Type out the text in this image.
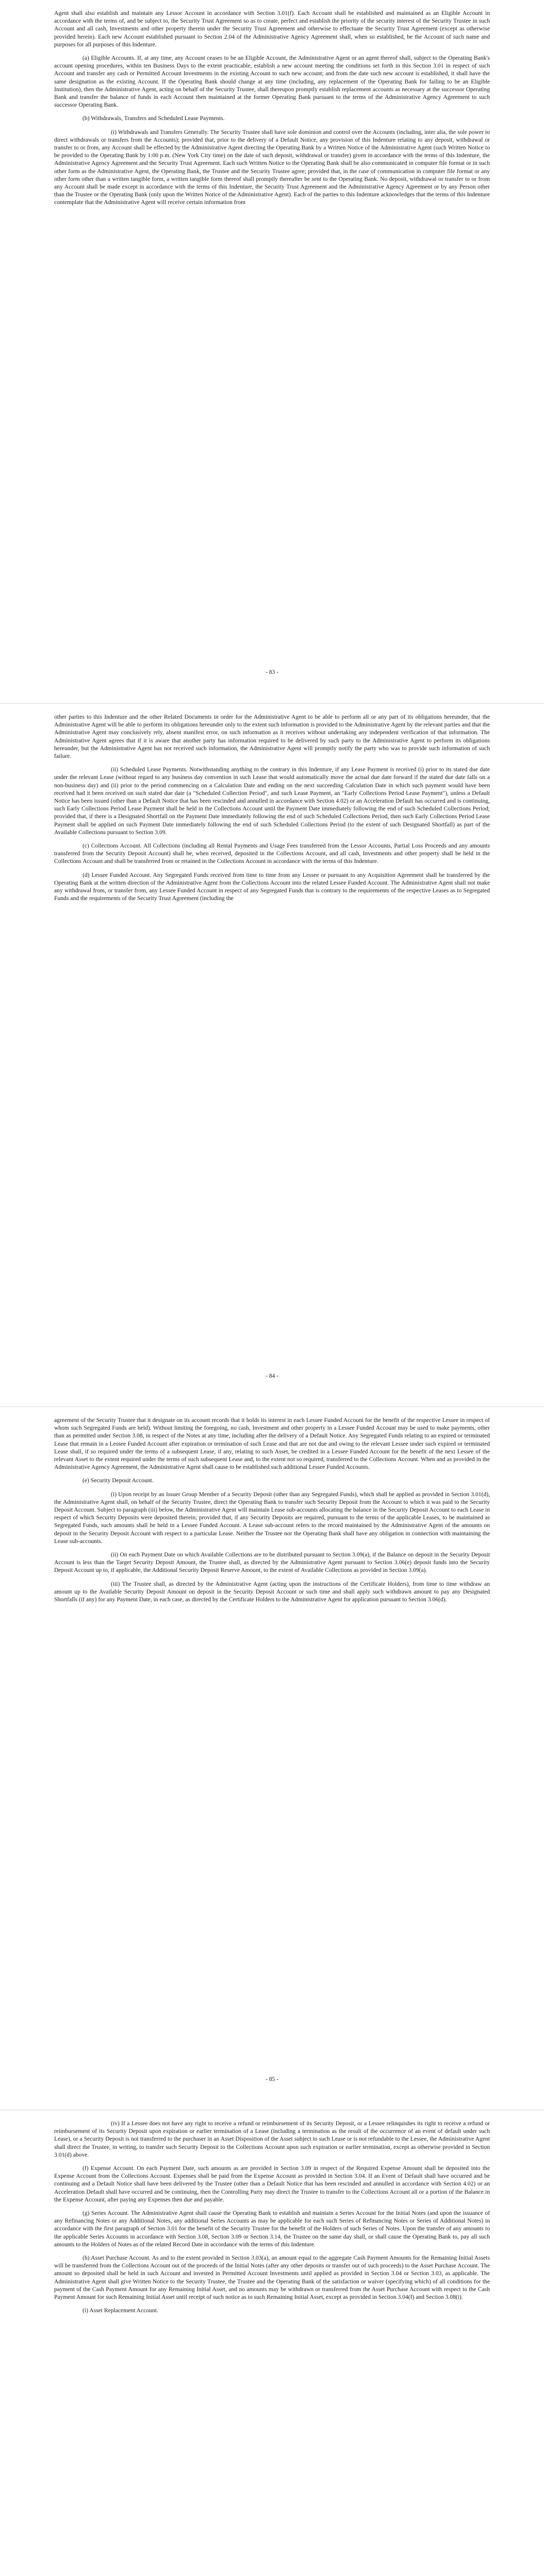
Agent shall also establish and maintain any Lessor Account in accordance with Section 3.01(f). Each Account shall be established and maintained as an Eligible Account in accordance with the terms of, and be subject to, the Security Trust Agreement so as to create, perfect and establish the priority of the security interest of the Security Trustee in such Account and all cash, Investments and other property therein under the Security Trust Agreement and otherwise to effectuate the Security Trust Agreement (except as otherwise provided herein). Each new Account established pursuant to Section 2.04 of the Administrative Agency Agreement shall, when so established, be the Account of such name and purposes for all purposes of this Indenture.

(a) Eligible Accounts. If, at any time, any Account ceases to be an Eligible Account, the Administrative Agent or an agent thereof shall, subject to the Operating Bank's account opening procedures, within ten Business Days to the extent practicable, establish a new account meeting the conditions set forth in this Section 3.01 in respect of such Account and transfer any cash or Permitted Account Investments in the existing Account to such new account; and from the date such new account is established, it shall have the same designation as the existing Account. If the Operating Bank should change at any time (including, any replacement of the Operating Bank for failing to be an Eligible Institution), then the Administrative Agent, acting on behalf of the Security Trustee, shall thereupon promptly establish replacement accounts as necessary at the successor Operating Bank and transfer the balance of funds in each Account then maintained at the former Operating Bank pursuant to the terms of the Administrative Agency Agreement to such successor Operating Bank.

(b) Withdrawals, Transfers and Scheduled Lease Payments.

(i) Withdrawals and Transfers Generally. The Security Trustee shall have sole dominion and control over the Accounts (including, inter alia, the sole power to direct withdrawals or transfers from the Accounts); provided that, prior to the delivery of a Default Notice, any provision of this Indenture relating to any deposit, withdrawal or transfer to or from, any Account shall be effected by the Administrative Agent directing the Operating Bank by a Written Notice of the Administrative Agent (such Written Notice to be provided to the Operating Bank by 1:00 p.m. (New York City time) on the date of such deposit, withdrawal or transfer) given in accordance with the terms of this Indenture, the Administrative Agency Agreement and the Security Trust Agreement. Each such Written Notice to the Operating Bank shall be also communicated in computer file format or in such other form as the Administrative Agent, the Operating Bank, the Trustee and the Security Trustee agree; provided that, in the case of communication in computer file format or any other form other than a written tangible form, a written tangible form thereof shall promptly thereafter be sent to the Operating Bank. No deposit, withdrawal or transfer to or from any Account shall be made except in accordance with the terms of this Indenture, the Security Trust Agreement and the Administrative Agency Agreement or by any Person other than the Trustee or the Operating Bank (only upon the Written Notice of the Administrative Agent). Each of the parties to this Indenture acknowledges that the terms of this Indenture contemplate that the Administrative Agent will receive certain information from

- 83 -

other parties to this Indenture and the other Related Documents in order for the Administrative Agent to be able to perform all or any part of its obligations hereunder, that the Administrative Agent will be able to perform its obligations hereunder only to the extent such information is provided to the Administrative Agent by the relevant parties and that the Administrative Agent may conclusively rely, absent manifest error, on such information as it receives without undertaking any independent verification of that information. The Administrative Agent agrees that if it is aware that another party has information required to be delivered by such party to the Administrative Agent to perform its obligations hereunder, but the Administrative Agent has not received such information, the Administrative Agent will promptly notify the party who was to provide such information of such failure.

(ii) Scheduled Lease Payments. Notwithstanding anything to the contrary in this Indenture, if any Lease Payment is received (i) prior to its stated due date under the relevant Lease (without regard to any business day convention in such Lease that would automatically move the actual due date forward if the stated due date falls on a non-business day) and (ii) prior to the period commencing on a Calculation Date and ending on the next succeeding Calculation Date in which such payment would have been received had it been received on such stated due date (a "Scheduled Collection Period", and such Lease Payment, an "Early Collections Period Lease Payment"), unless a Default Notice has been issued (other than a Default Notice that has been rescinded and annulled in accordance with Section 4.02) or an Acceleration Default has occurred and is continuing, such Early Collections Period Lease Payment shall be held in the Collections Account until the Payment Date immediately following the end of such Scheduled Collections Period; provided that, if there is a Designated Shortfall on the Payment Date immediately following the end of such Scheduled Collections Period, then such Early Collections Period Lease Payment shall be applied on such Payment Date immediately following the end of such Scheduled Collections Period (to the extent of such Designated Shortfall) as part of the Available Collections pursuant to Section 3.09.

(c) Collections Account. All Collections (including all Rental Payments and Usage Fees transferred from the Lessor Accounts, Partial Loss Proceeds and any amounts transferred from the Security Deposit Account) shall be, when received, deposited in the Collections Account, and all cash, Investments and other property shall be held in the Collections Account and shall be transferred from or retained in the Collections Account in accordance with the terms of this Indenture.

(d) Lessee Funded Account. Any Segregated Funds received from time to time from any Lessee or pursuant to any Acquisition Agreement shall be transferred by the Operating Bank at the written direction of the Administrative Agent from the Collections Account into the related Lessee Funded Account. The Administrative Agent shall not make any withdrawal from, or transfer from, any Lessee Funded Account in respect of any Segregated Funds that is contrary to the requirements of the respective Leases as to Segregated Funds and the requirements of the Security Trust Agreement (including the

- 84 -

agreement of the Security Trustee that it designate on its account records that it holds its interest in each Lessee Funded Account for the benefit of the respective Lessee in respect of whom such Segregated Funds are held). Without limiting the foregoing, no cash, Investment and other property in a Lessee Funded Account may be used to make payments, other than as permitted under Section 3.08, in respect of the Notes at any time, including after the delivery of a Default Notice. Any Segregated Funds relating to an expired or terminated Lease that remain in a Lessee Funded Account after expiration or termination of such Lease and that are not due and owing to the relevant Lessee under such expired or terminated Lease shall, if so required under the terms of a subsequent Lease, if any, relating to such Asset, be credited in a Lessee Funded Account for the benefit of the next Lessee of the relevant Asset to the extent required under the terms of such subsequent Lease and, to the extent not so required, transferred to the Collections Account. When and as provided in the Administrative Agency Agreement, the Administrative Agent shall cause to be established such additional Lessee Funded Accounts.

(e) Security Deposit Account.

(i) Upon receipt by an Issuer Group Member of a Security Deposit (other than any Segregated Funds), which shall be applied as provided in Section 3.01(d), the Administrative Agent shall, on behalf of the Security Trustee, direct the Operating Bank to transfer such Security Deposit from the Account to which it was paid to the Security Deposit Account. Subject to paragraph (iii) below, the Administrative Agent will maintain Lease sub-accounts allocating the balance in the Security Deposit Account to each Lease in respect of which Security Deposits were deposited therein; provided that, if any Security Deposits are required, pursuant to the terms of the applicable Leases, to be maintained as Segregated Funds, such amounts shall be held in a Lessee Funded Account. A Lease sub-account refers to the record maintained by the Administrative Agent of the amounts on deposit in the Security Deposit Account with respect to a particular Lease. Neither the Trustee nor the Operating Bank shall have any obligation in connection with maintaining the Lease sub-accounts.

(ii) On each Payment Date on which Available Collections are to be distributed pursuant to Section 3.09(a), if the Balance on deposit in the Security Deposit Account is less than the Target Security Deposit Amount, the Trustee shall, as directed by the Administrative Agent pursuant to Section 3.06(e) deposit funds into the Security Deposit Account up to, if applicable, the Additional Security Deposit Reserve Amount, to the extent of Available Collections as provided in Section 3.09(a).

(iii) The Trustee shall, as directed by the Administrative Agent (acting upon the instructions of the Certificate Holders), from time to time withdraw an amount up to the Available Security Deposit Amount on deposit in the Security Deposit Account or such time and shall apply such withdrawn amount to pay any Designated Shortfalls (if any) for any Payment Date, in each case, as directed by the Certificate Holders to the Administrative Agent for application pursuant to Section 3.06(d).

- 85 -

(iv) If a Lessee does not have any right to receive a refund or reimbursement of its Security Deposit, or a Lessee relinquishes its right to receive a refund or reimbursement of its Security Deposit upon expiration or earlier termination of a Lease (including a termination as the result of the occurrence of an event of default under such Lease), or a Security Deposit is not transferred to the purchaser in an Asset Disposition of the Asset subject to such Lease or is not refundable to the Lessee, the Administrative Agent shall direct the Trustee, in writing, to transfer such Security Deposit to the Collections Account upon such expiration or earlier termination, except as otherwise provided in Section 3.01(d) above.

(f) Expense Account. On each Payment Date, such amounts as are provided in Section 3.09 in respect of the Required Expense Amount shall be deposited into the Expense Account from the Collections Account. Expenses shall be paid from the Expense Account as provided in Section 3.04. If an Event of Default shall have occurred and be continuing and a Default Notice shall have been delivered by the Trustee (other than a Default Notice that has been rescinded and annulled in accordance with Section 4.02) or an Acceleration Default shall have occurred and be continuing, then the Controlling Party may direct the Trustee to transfer to the Collections Account all or a portion of the Balance in the Expense Account, after paying any Expenses then due and payable.

(g) Series Account. The Administrative Agent shall cause the Operating Bank to establish and maintain a Series Account for the Initial Notes (and upon the issuance of any Refinancing Notes or any Additional Notes, any additional Series Accounts as may be applicable for each such Series of Refinancing Notes or Series of Additional Notes) in accordance with the first paragraph of Section 3.01 for the benefit of the Security Trustee for the benefit of the Holders of such Series of Notes. Upon the transfer of any amounts to the applicable Series Accounts in accordance with Section 3.08, Section 3.09 or Section 3.14, the Trustee on the same day shall, or shall cause the Operating Bank to, pay all such amounts to the Holders of Notes as of the related Record Date in accordance with the terms of this Indenture.

(h) Asset Purchase Account. As and to the extent provided in Section 3.03(a), an amount equal to the aggregate Cash Payment Amounts for the Remaining Initial Assets will be transferred from the Collections Account out of the proceeds of the Initial Notes (after any other deposits or transfer out of such proceeds) to the Asset Purchase Account. The amount so deposited shall be held in such Account and invested in Permitted Account Investments until applied as provided in Section 3.04 or Section 3.03, as applicable. The Administrative Agent shall give Written Notice to the Security Trustee, the Trustee and the Operating Bank of the satisfaction or waiver (specifying which) of all conditions for the payment of the Cash Payment Amount for any Remaining Initial Asset, and no amounts may be withdrawn or transferred from the Asset Purchase Account with respect to the Cash Payment Amount for such Remaining Initial Asset until receipt of such notice as to such Remaining Initial Asset, except as provided in Section 3.04(f) and Section 3.08(i).

(i) Asset Replacement Account.
